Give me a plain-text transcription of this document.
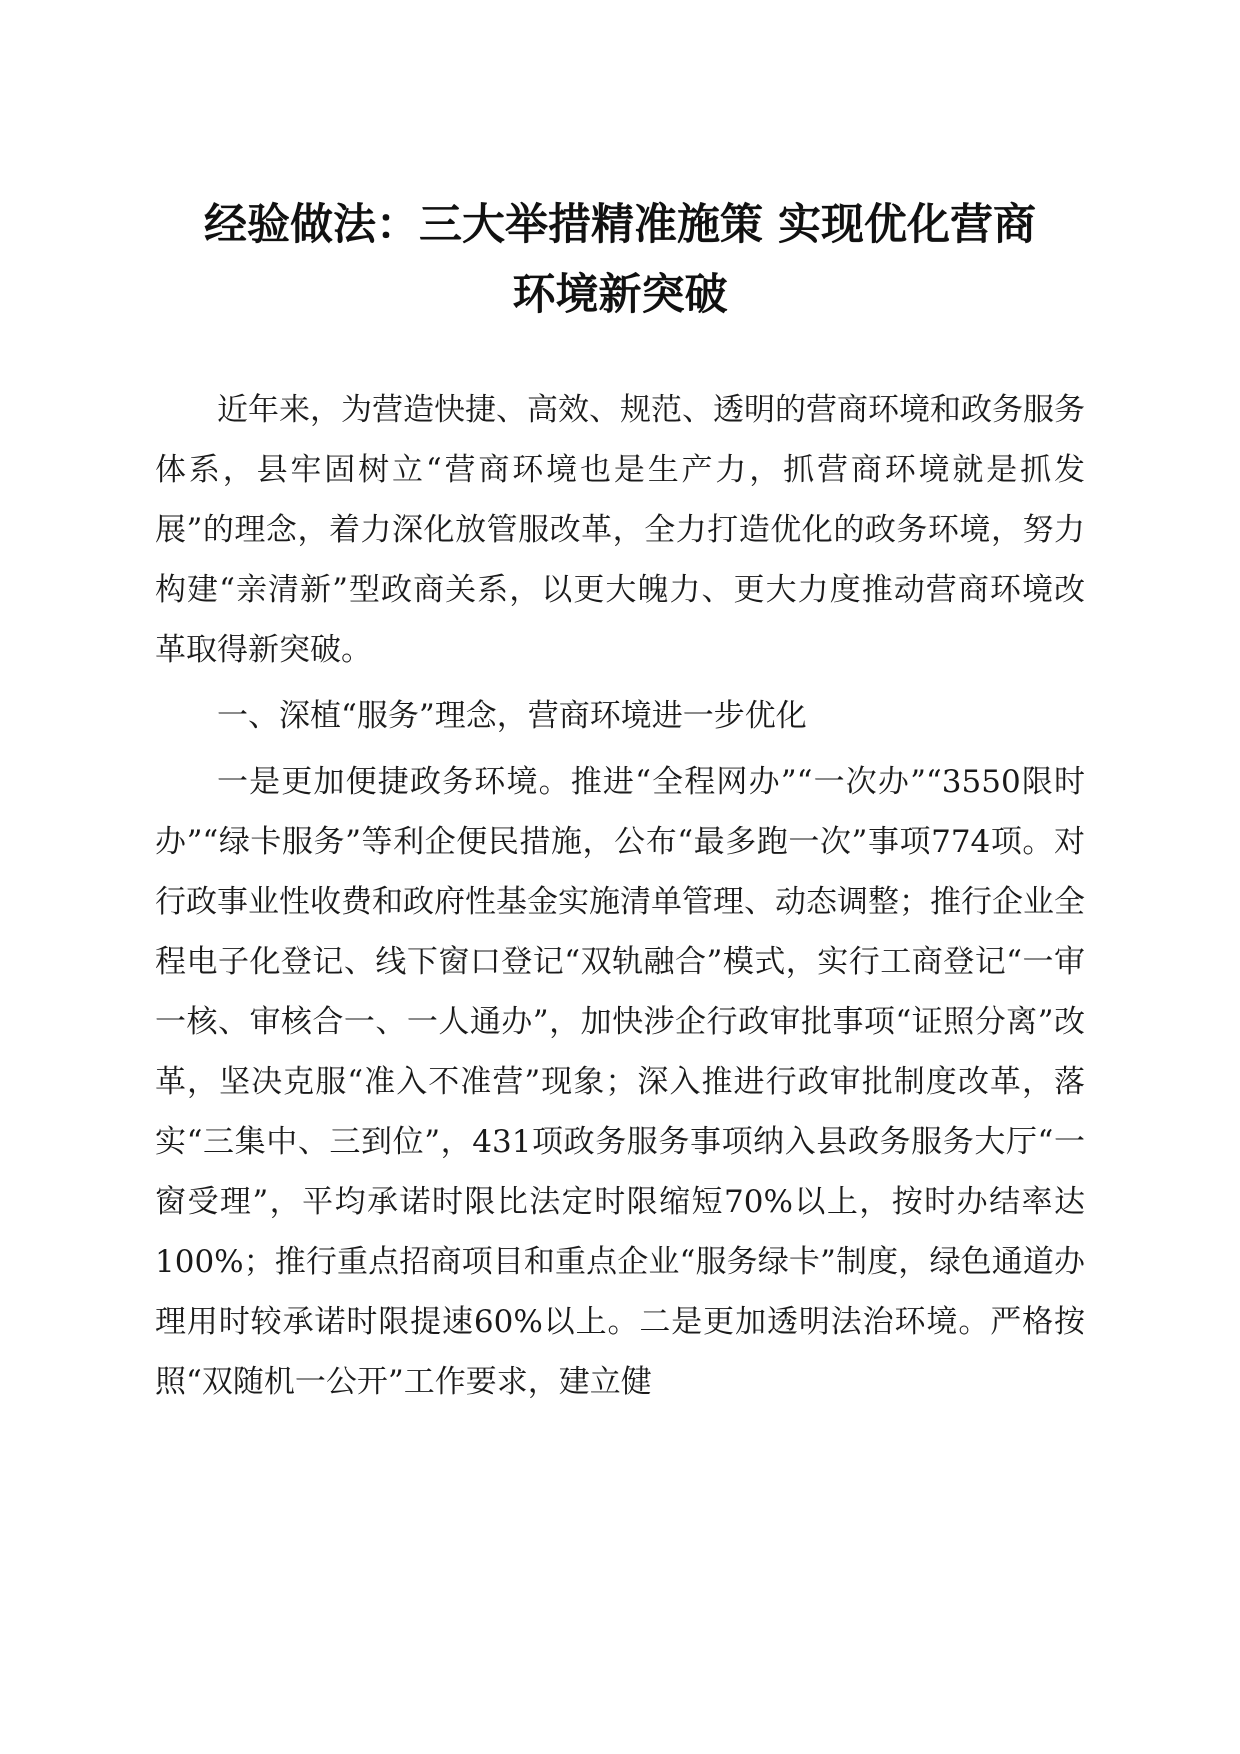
经验做法：三大举措精准施策 实现优化营商
环境新突破

近年来，为营造快捷、高效、规范、透明的营商环境和政务服务体系，县牢固树立“营商环境也是生产力，抓营商环境就是抓发展”的理念，着力深化放管服改革，全力打造优化的政务环境，努力构建“亲清新”型政商关系，以更大魄力、更大力度推动营商环境改革取得新突破。

一、深植“服务”理念，营商环境进一步优化

一是更加便捷政务环境。推进“全程网办”“一次办”“3550限时办”“绿卡服务”等利企便民措施，公布“最多跑一次”事项774项。对行政事业性收费和政府性基金实施清单管理、动态调整；推行企业全程电子化登记、线下窗口登记“双轨融合”模式，实行工商登记“一审一核、审核合一、一人通办”，加快涉企行政审批事项“证照分离”改革，坚决克服“准入不准营”现象；深入推进行政审批制度改革，落实“三集中、三到位”，431项政务服务事项纳入县政务服务大厅“一窗受理”，平均承诺时限比法定时限缩短70%以上，按时办结率达100%；推行重点招商项目和重点企业“服务绿卡”制度，绿色通道办理用时较承诺时限提速60%以上。二是更加透明法治环境。严格按照“双随机一公开”工作要求，建立健
